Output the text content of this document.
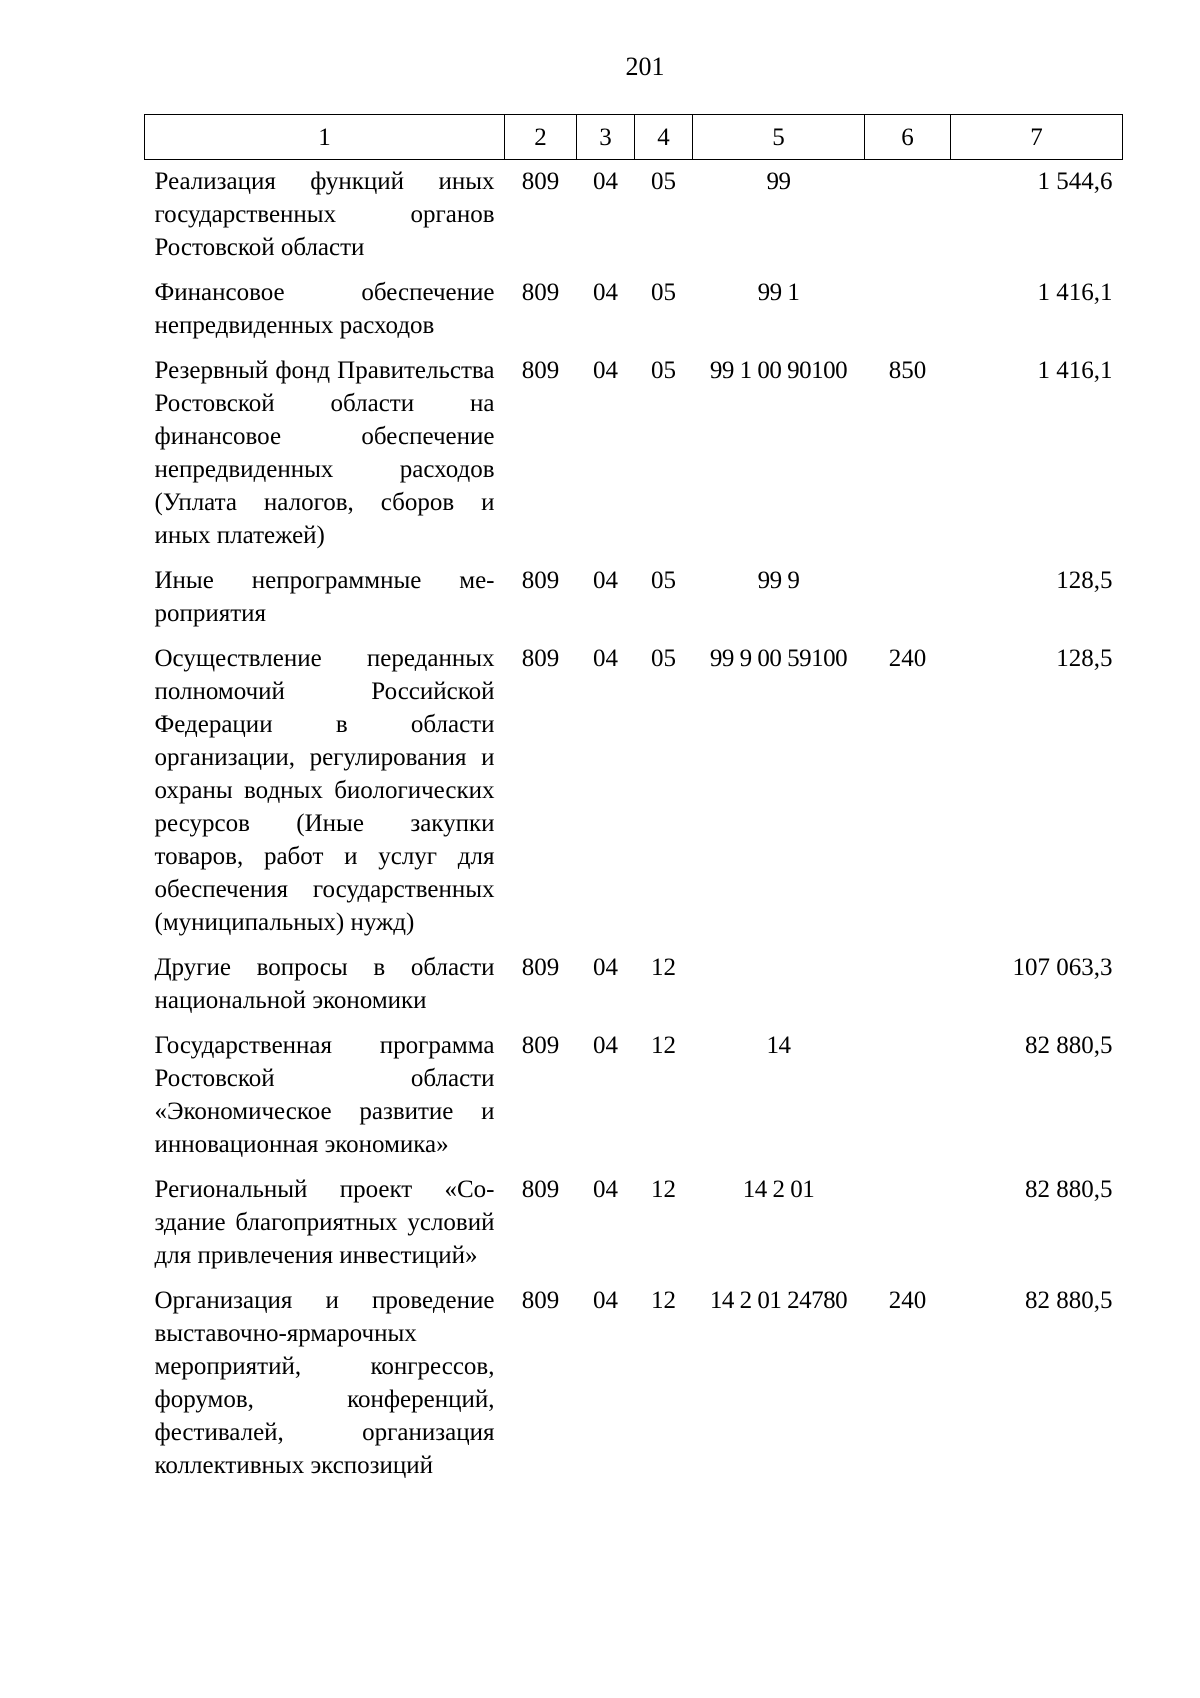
201
1	2	3	4	5	6	7
Реализация функций иных государственных органов Ростовской области	809	04	05	99		1 544,6
Финансовое обеспечение непредвиденных расходов	809	04	05	99 1		1 416,1
Резервный фонд Правительства Ростовской области на финансовое обеспечение непредвиденных расходов (Уплата налогов, сборов и иных платежей)	809	04	05	99 1 00 90100	850	1 416,1
Иные непрограммные мероприятия	809	04	05	99 9		128,5
Осуществление переданных полномочий Российской Федерации в области организации, регулирования и охраны водных биологических ресурсов (Иные закупки товаров, работ и услуг для обеспечения государственных (муниципальных) нужд)	809	04	05	99 9 00 59100	240	128,5
Другие вопросы в области национальной экономики	809	04	12			107 063,3
Государственная программа Ростовской области «Экономическое развитие и инновационная экономика»	809	04	12	14		82 880,5
Региональный проект «Создание благоприятных условий для привлечения инвестиций»	809	04	12	14 2 01		82 880,5
Организация и проведение выставочно-ярмарочных мероприятий, конгрессов, форумов, конференций, фестивалей, организация коллективных экспозиций	809	04	12	14 2 01 24780	240	82 880,5
